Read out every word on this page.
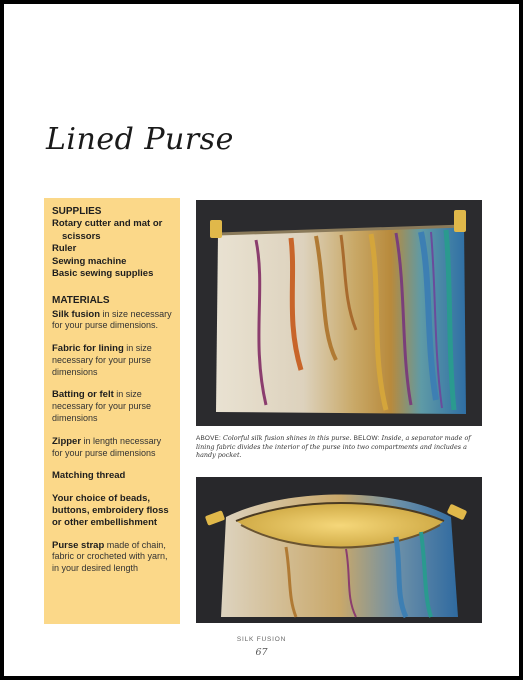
Lined Purse
SUPPLIES
Rotary cutter and mat or
scissors
Ruler
Sewing machine
Basic sewing supplies
MATERIALS

Silk fusion in size necessary for your purse dimensions.

Fabric for lining in size necessary for your purse dimensions

Batting or felt in size necessary for your purse dimensions

Zipper in length necessary for your purse dimensions

Matching thread

Your choice of beads, buttons, embroidery floss or other embellishment

Purse strap made of chain, fabric or crocheted with yarn, in your desired length

ABOVE: Colorful silk fusion shines in this purse. BELOW: Inside, a separator made of lining fabric divides the interior of the purse into two compartments and includes a handy pocket.

SILK FUSION
67
